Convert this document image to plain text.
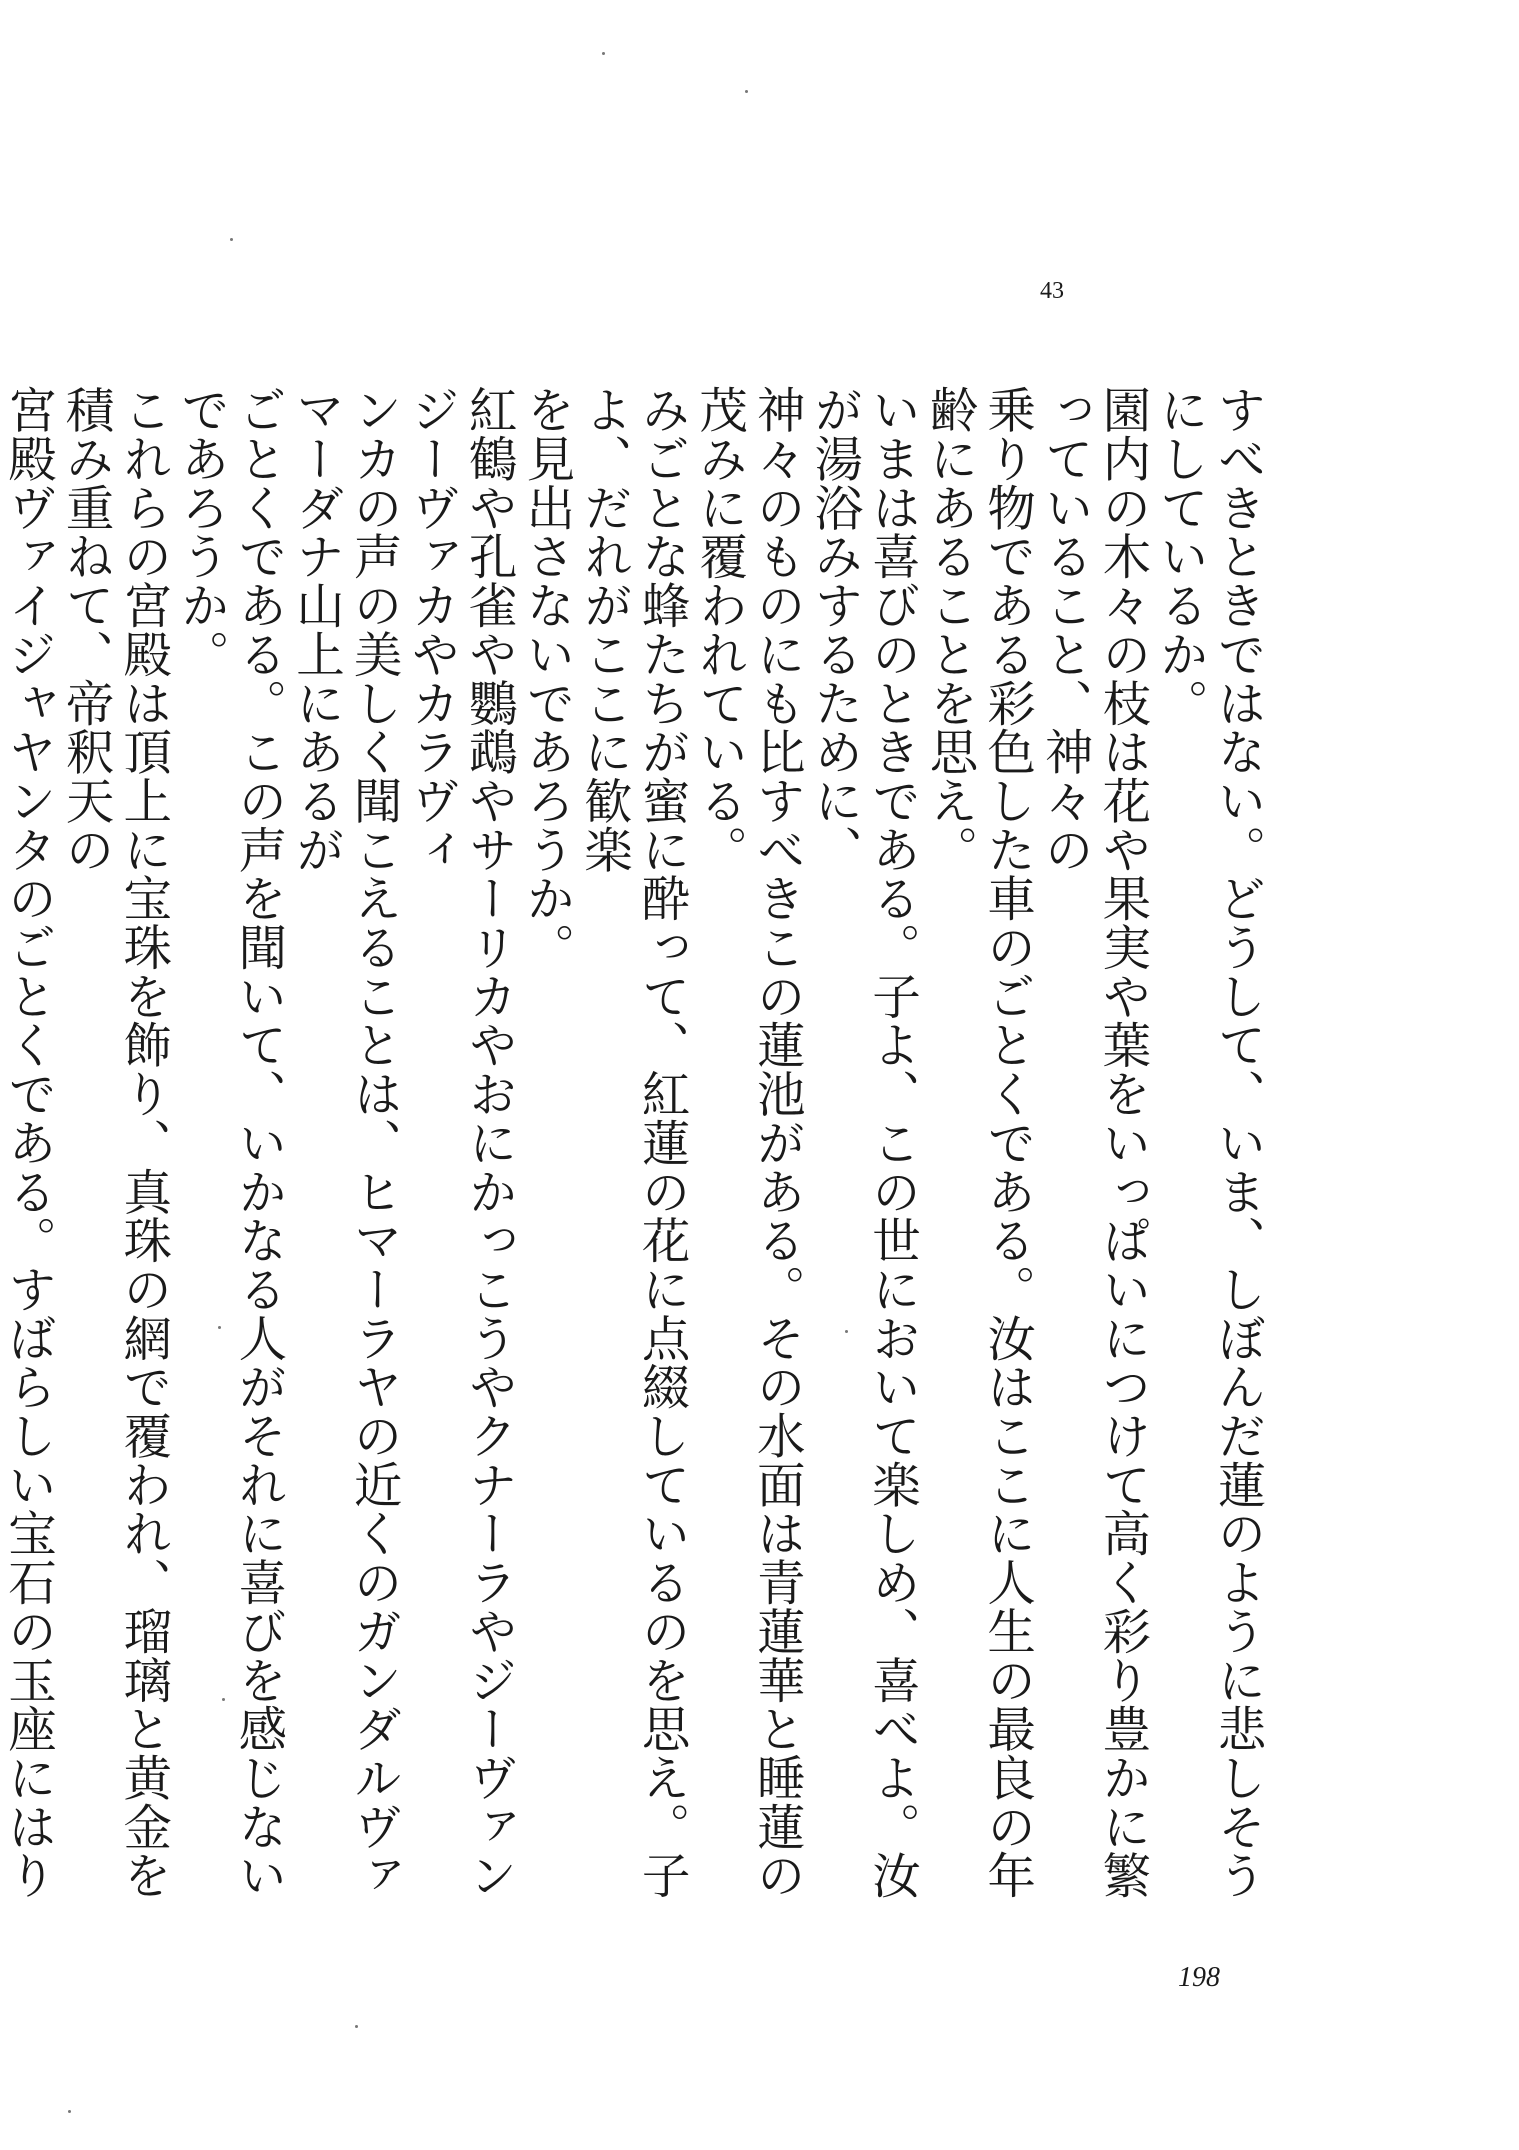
43

すべきときではない。どうして、いま、しぼんだ蓮のように悲しそうにしているか。

園内の木々の枝は花や果実や葉をいっぱいにつけて高く彩り豊かに繁っていること、神々の

乗り物である彩色した車のごとくである。汝はここに人生の最良の年齢にあることを思え。

いまは喜びのときである。子よ、この世において楽しめ、喜べよ。汝が湯浴みするために、

神々のものにも比すべきこの蓮池がある。その水面は青蓮華と睡蓮の茂みに覆われている。

みごとな蜂たちが蜜に酔って、紅蓮の花に点綴しているのを思え。子よ、だれがここに歓楽

を見出さないであろうか。

紅鶴や孔雀や鸚鵡やサーリカやおにかっこうやクナーラやジーヴァンジーヴァカやカラヴィ

ンカの声の美しく聞こえることは、ヒマーラヤの近くのガンダルヴァマーダナ山上にあるが

ごとくである。この声を聞いて、いかなる人がそれに喜びを感じないであろうか。

これらの宮殿は頂上に宝珠を飾り、真珠の網で覆われ、瑠璃と黄金を積み重ねて、帝釈天の

宮殿ヴァイジャヤンタのごとくである。すばらしい宝石の玉座にはり

198
